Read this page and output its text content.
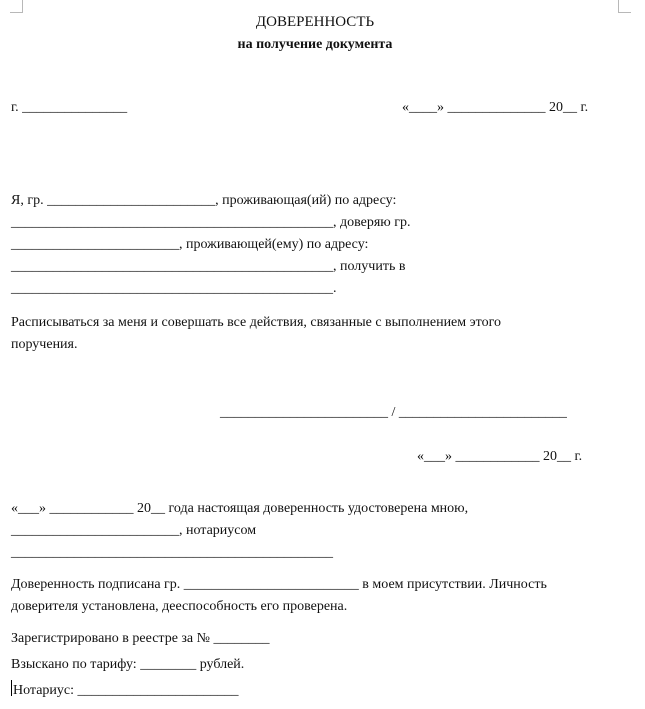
ДОВЕРЕННОСТЬ
на получение документа
г. _______________	«____» ______________ 20__ г.
Я, гр. ________________________, проживающая(ий) по адресу:
______________________________________________, доверяю гр.
________________________, проживающей(ему) по адресу:
______________________________________________, получить в
______________________________________________.
Расписываться за меня и совершать все действия, связанные с выполнением этого
поручения.
________________________ / ________________________
«___» ____________ 20__ г.
«___» ____________ 20__ года настоящая доверенность удостоверена мною,
________________________, нотариусом
______________________________________________
Доверенность подписана гр. _________________________ в моем присутствии. Личность
доверителя установлена, дееспособность его проверена.
Зарегистрировано в реестре за № ________
Взыскано по тарифу: ________ рублей.
Нотариус: _______________________
